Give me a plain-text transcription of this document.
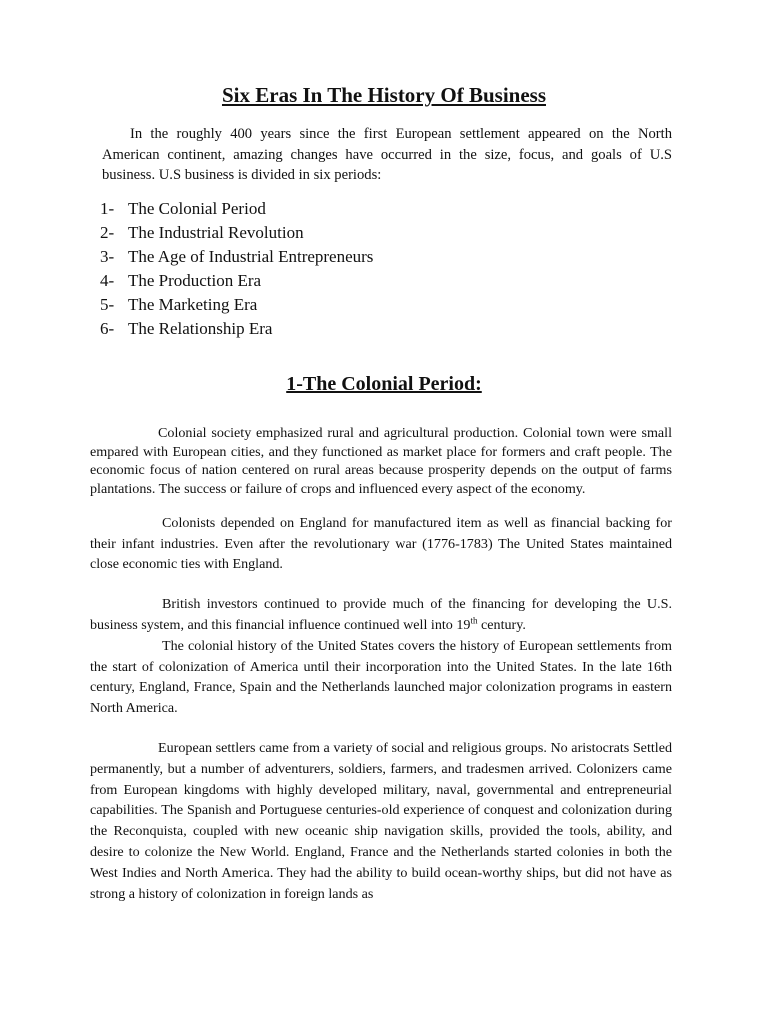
Six Eras In The History Of Business

In the roughly 400 years since the first European settlement appeared on the North American continent, amazing changes have occurred in the size, focus, and goals of U.S business. U.S business is divided in six periods:

1- The Colonial Period
2- The Industrial Revolution
3- The Age of Industrial Entrepreneurs
4- The Production Era
5- The Marketing Era
6- The Relationship Era
1-The Colonial Period:

Colonial society emphasized rural and agricultural production. Colonial town were small empared with European cities, and they functioned as market place for formers and craft people. The economic focus of nation centered on rural areas because prosperity depends on the output of farms plantations. The success or failure of crops and influenced every aspect of the economy.

Colonists depended on England for manufactured item as well as financial backing for their infant industries. Even after the revolutionary war (1776-1783) The United States maintained close economic ties with England.

British investors continued to provide much of the financing for developing the U.S. business system, and this financial influence continued well into 19th century.

The colonial history of the United States covers the history of European settlements from the start of colonization of America until their incorporation into the United States. In the late 16th century, England, France, Spain and the Netherlands launched major colonization programs in eastern North America.

European settlers came from a variety of social and religious groups. No aristocrats Settled permanently, but a number of adventurers, soldiers, farmers, and tradesmen arrived. Colonizers came from European kingdoms with highly developed military, naval, governmental and entrepreneurial capabilities. The Spanish and Portuguese centuries-old experience of conquest and colonization during the Reconquista, coupled with new oceanic ship navigation skills, provided the tools, ability, and desire to colonize the New World. England, France and the Netherlands started colonies in both the West Indies and North America. They had the ability to build ocean-worthy ships, but did not have as strong a history of colonization in foreign lands as
